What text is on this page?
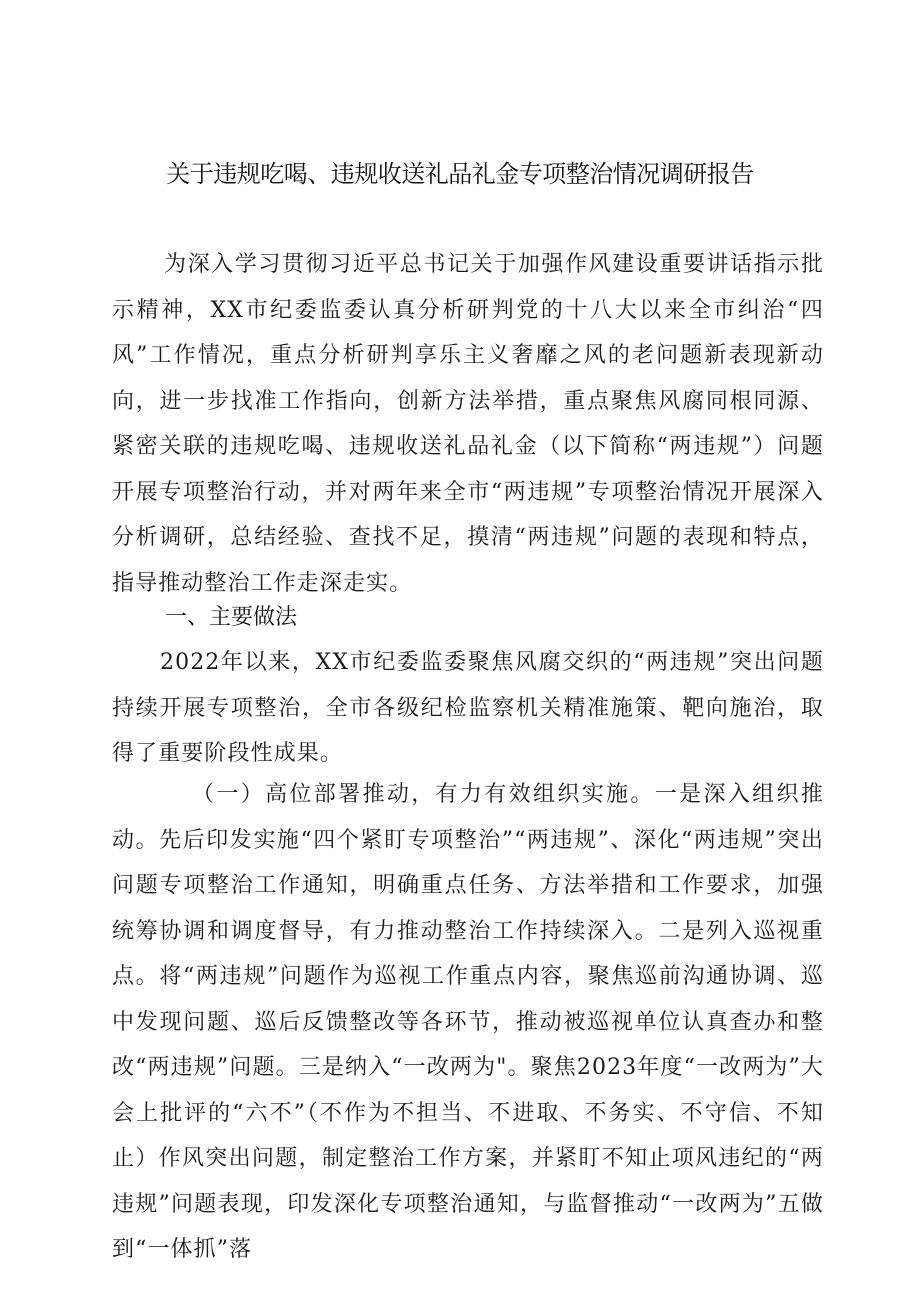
关于违规吃喝、违规收送礼品礼金专项整治情况调研报告

为深入学习贯彻习近平总书记关于加强作风建设重要讲话指示批示精神，XX市纪委监委认真分析研判党的十八大以来全市纠治“四风”工作情况，重点分析研判享乐主义奢靡之风的老问题新表现新动向，进一步找准工作指向，创新方法举措，重点聚焦风腐同根同源、紧密关联的违规吃喝、违规收送礼品礼金（以下简称“两违规”）问题开展专项整治行动，并对两年来全市“两违规”专项整治情况开展深入分析调研，总结经验、查找不足，摸清“两违规”问题的表现和特点，指导推动整治工作走深走实。

一、主要做法

2022年以来，XX市纪委监委聚焦风腐交织的“两违规”突出问题持续开展专项整治，全市各级纪检监察机关精准施策、靶向施治，取得了重要阶段性成果。

（一）高位部署推动，有力有效组织实施。一是深入组织推动。先后印发实施“四个紧盯专项整治”“两违规”、深化“两违规”突出问题专项整治工作通知，明确重点任务、方法举措和工作要求，加强统筹协调和调度督导，有力推动整治工作持续深入。二是列入巡视重点。将“两违规”问题作为巡视工作重点内容，聚焦巡前沟通协调、巡中发现问题、巡后反馈整改等各环节，推动被巡视单位认真查办和整改“两违规”问题。三是纳入“一改两为"。聚焦2023年度“一改两为”大会上批评的“六不”（不作为不担当、不进取、不务实、不守信、不知止）作风突出问题，制定整治工作方案，并紧盯不知止项风违纪的“两违规”问题表现，印发深化专项整治通知，与监督推动“一改两为”五做到“一体抓”落
